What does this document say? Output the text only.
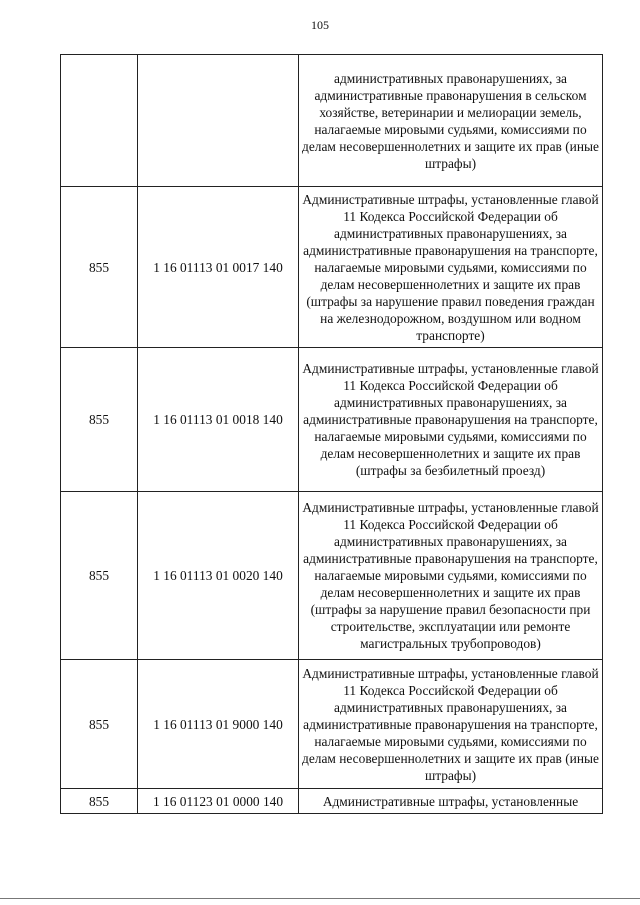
105
		административных правонарушениях, за административные правонарушения в сельском хозяйстве, ветеринарии и мелиорации земель, налагаемые мировыми судьями, комиссиями по делам несовершеннолетних и защите их прав (иные штрафы)
855	1 16 01113 01 0017 140	Административные штрафы, установленные главой 11 Кодекса Российской Федерации об административных правонарушениях, за административные правонарушения на транспорте, налагаемые мировыми судьями, комиссиями по делам несовершеннолетних и защите их прав (штрафы за нарушение правил поведения граждан на железнодорожном, воздушном или водном транспорте)
855	1 16 01113 01 0018 140	Административные штрафы, установленные главой 11 Кодекса Российской Федерации об административных правонарушениях, за административные правонарушения на транспорте, налагаемые мировыми судьями, комиссиями по делам несовершеннолетних и защите их прав (штрафы за безбилетный проезд)
855	1 16 01113 01 0020 140	Административные штрафы, установленные главой 11 Кодекса Российской Федерации об административных правонарушениях, за административные правонарушения на транспорте, налагаемые мировыми судьями, комиссиями по делам несовершеннолетних и защите их прав (штрафы за нарушение правил безопасности при строительстве, эксплуатации или ремонте магистральных трубопроводов)
855	1 16 01113 01 9000 140	Административные штрафы, установленные главой 11 Кодекса Российской Федерации об административных правонарушениях, за административные правонарушения на транспорте, налагаемые мировыми судьями, комиссиями по делам несовершеннолетних и защите их прав (иные штрафы)
855	1 16 01123 01 0000 140	Административные штрафы, установленные
